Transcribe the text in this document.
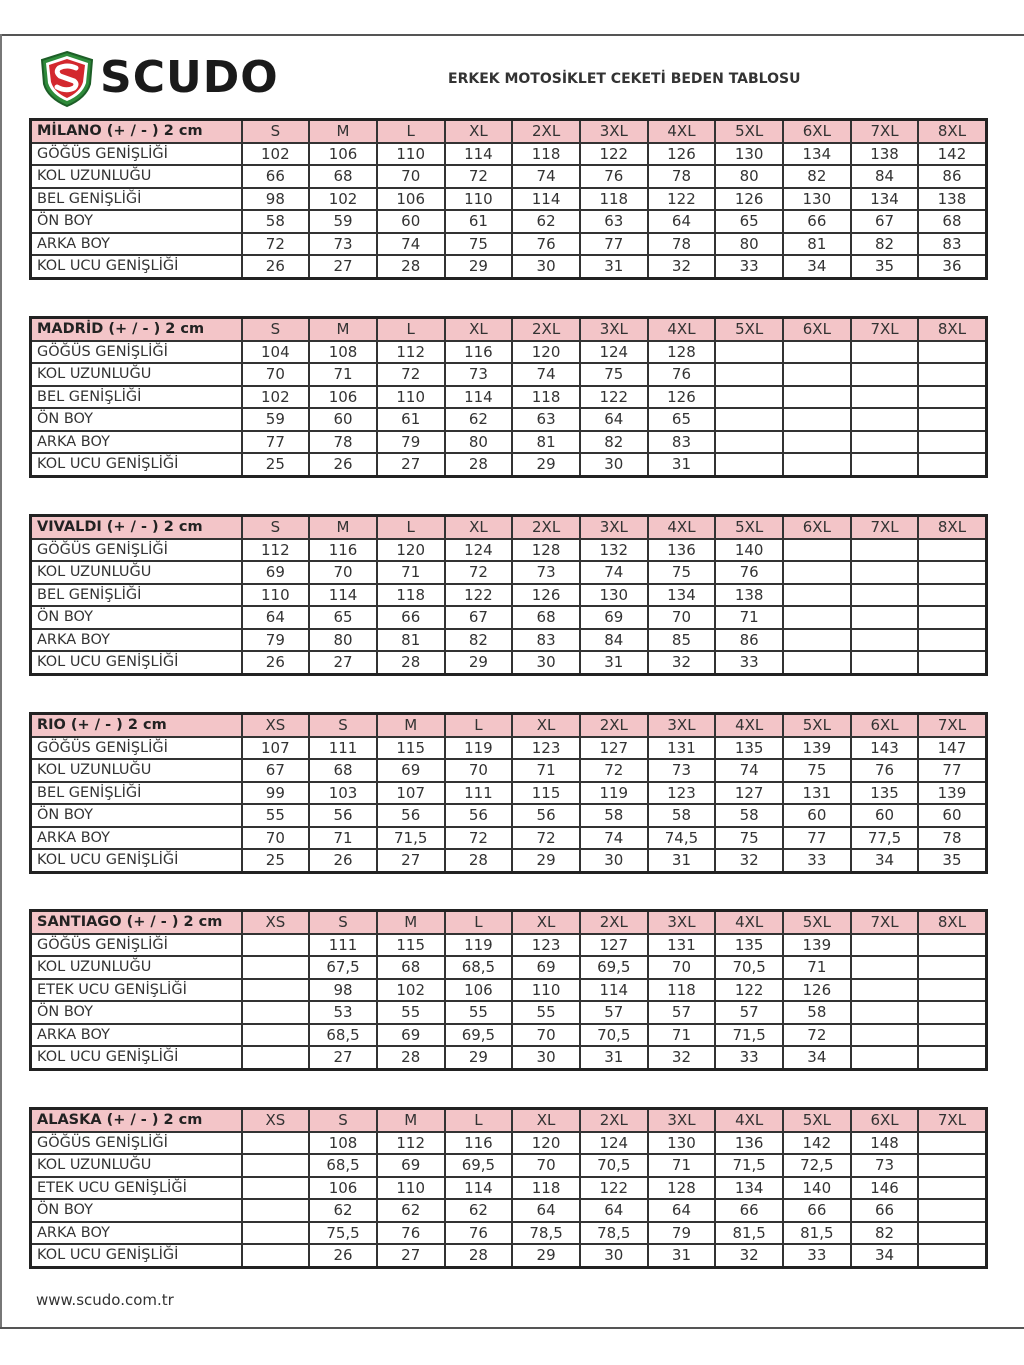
SCUDO	ERKEK MOTOSİKLET CEKETİ BEDEN TABLOSU
MİLANO (+ / - ) 2 cm	S	M	L	XL	2XL	3XL	4XL	5XL	6XL	7XL	8XL
GÖĞÜS GENİŞLİĞİ	102	106	110	114	118	122	126	130	134	138	142
KOL UZUNLUĞU	66	68	70	72	74	76	78	80	82	84	86
BEL GENİŞLİĞİ	98	102	106	110	114	118	122	126	130	134	138
ÖN BOY	58	59	60	61	62	63	64	65	66	67	68
ARKA BOY	72	73	74	75	76	77	78	80	81	82	83
KOL UCU GENİŞLİĞİ	26	27	28	29	30	31	32	33	34	35	36
MADRİD (+ / - ) 2 cm	S	M	L	XL	2XL	3XL	4XL	5XL	6XL	7XL	8XL
GÖĞÜS GENİŞLİĞİ	104	108	112	116	120	124	128				
KOL UZUNLUĞU	70	71	72	73	74	75	76				
BEL GENİŞLİĞİ	102	106	110	114	118	122	126				
ÖN BOY	59	60	61	62	63	64	65				
ARKA BOY	77	78	79	80	81	82	83				
KOL UCU GENİŞLİĞİ	25	26	27	28	29	30	31				
VIVALDI (+ / - ) 2 cm	S	M	L	XL	2XL	3XL	4XL	5XL	6XL	7XL	8XL
GÖĞÜS GENİŞLİĞİ	112	116	120	124	128	132	136	140			
KOL UZUNLUĞU	69	70	71	72	73	74	75	76			
BEL GENİŞLİĞİ	110	114	118	122	126	130	134	138			
ÖN BOY	64	65	66	67	68	69	70	71			
ARKA BOY	79	80	81	82	83	84	85	86			
KOL UCU GENİŞLİĞİ	26	27	28	29	30	31	32	33			
RIO (+ / - ) 2 cm	XS	S	M	L	XL	2XL	3XL	4XL	5XL	6XL	7XL
GÖĞÜS GENİŞLİĞİ	107	111	115	119	123	127	131	135	139	143	147
KOL UZUNLUĞU	67	68	69	70	71	72	73	74	75	76	77
BEL GENİŞLİĞİ	99	103	107	111	115	119	123	127	131	135	139
ÖN BOY	55	56	56	56	56	58	58	58	60	60	60
ARKA BOY	70	71	71,5	72	72	74	74,5	75	77	77,5	78
KOL UCU GENİŞLİĞİ	25	26	27	28	29	30	31	32	33	34	35
SANTIAGO (+ / - ) 2 cm	XS	S	M	L	XL	2XL	3XL	4XL	5XL	7XL	8XL
GÖĞÜS GENİŞLİĞİ		111	115	119	123	127	131	135	139		
KOL UZUNLUĞU		67,5	68	68,5	69	69,5	70	70,5	71		
ETEK UCU GENİŞLİĞİ		98	102	106	110	114	118	122	126		
ÖN BOY		53	55	55	55	57	57	57	58		
ARKA BOY		68,5	69	69,5	70	70,5	71	71,5	72		
KOL UCU GENİŞLİĞİ		27	28	29	30	31	32	33	34		
ALASKA (+ / - ) 2 cm	XS	S	M	L	XL	2XL	3XL	4XL	5XL	6XL	7XL
GÖĞÜS GENİŞLİĞİ		108	112	116	120	124	130	136	142	148	
KOL UZUNLUĞU		68,5	69	69,5	70	70,5	71	71,5	72,5	73	
ETEK UCU GENİŞLİĞİ		106	110	114	118	122	128	134	140	146	
ÖN BOY		62	62	62	64	64	64	66	66	66	
ARKA BOY		75,5	76	76	78,5	78,5	79	81,5	81,5	82	
KOL UCU GENİŞLİĞİ		26	27	28	29	30	31	32	33	34	
www.scudo.com.tr
